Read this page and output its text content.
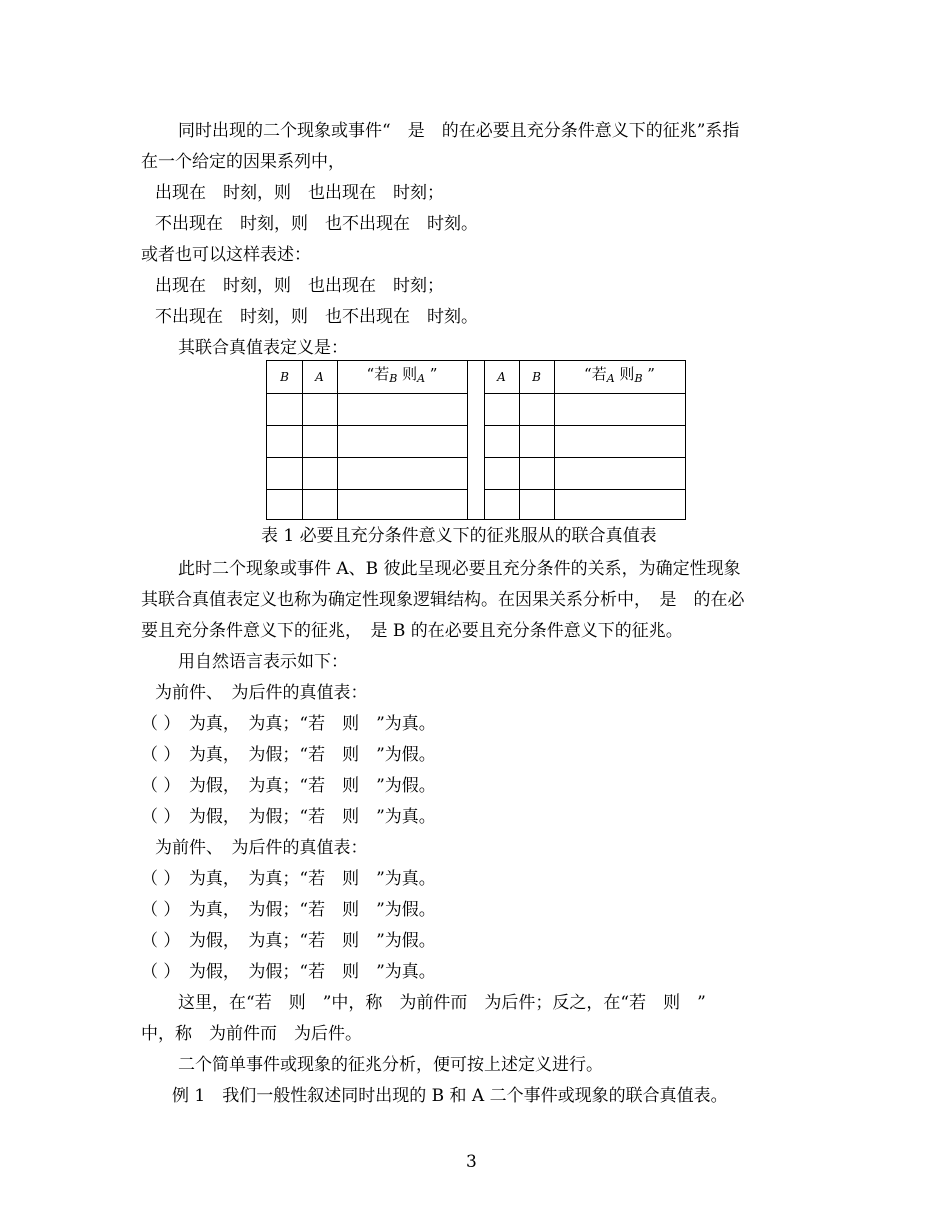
同时出现的二个现象或事件“　是　的在必要且充分条件意义下的征兆”系指
在一个给定的因果系列中，
出现在　时刻，则　也出现在　时刻；
不出现在　时刻，则　也不出现在　时刻。
或者也可以这样表述：
出现在　时刻，则　也出现在　时刻；
不出现在　时刻，则　也不出现在　时刻。
其联合真值表定义是：
B	A	“若$_B$ 则$_A$ ”	A	B	“若$_A$ 则$_B$ ”
表 1 必要且充分条件意义下的征兆服从的联合真值表
此时二个现象或事件 A、B 彼此呈现必要且充分条件的关系，为确定性现象
其联合真值表定义也称为确定性现象逻辑结构。在因果关系分析中，　是　的在必
要且充分条件意义下的征兆，　是 B 的在必要且充分条件意义下的征兆。
用自然语言表示如下：
为前件、　为后件的真值表：
（ ）　为真，　为真；“若　则　”为真。
（ ）　为真，　为假；“若　则　”为假。
（ ）　为假，　为真；“若　则　”为假。
（ ）　为假，　为假；“若　则　”为真。
为前件、　为后件的真值表：
（ ）　为真，　为真；“若　则　”为真。
（ ）　为真，　为假；“若　则　”为假。
（ ）　为假，　为真；“若　则　”为假。
（ ）　为假，　为假；“若　则　”为真。
这里，在“若　则　”中，称　为前件而　为后件；反之，在“若　则　”
中，称　为前件而　为后件。
二个简单事件或现象的征兆分析，便可按上述定义进行。
例 1　我们一般性叙述同时出现的 B 和 A 二个事件或现象的联合真值表。
3
